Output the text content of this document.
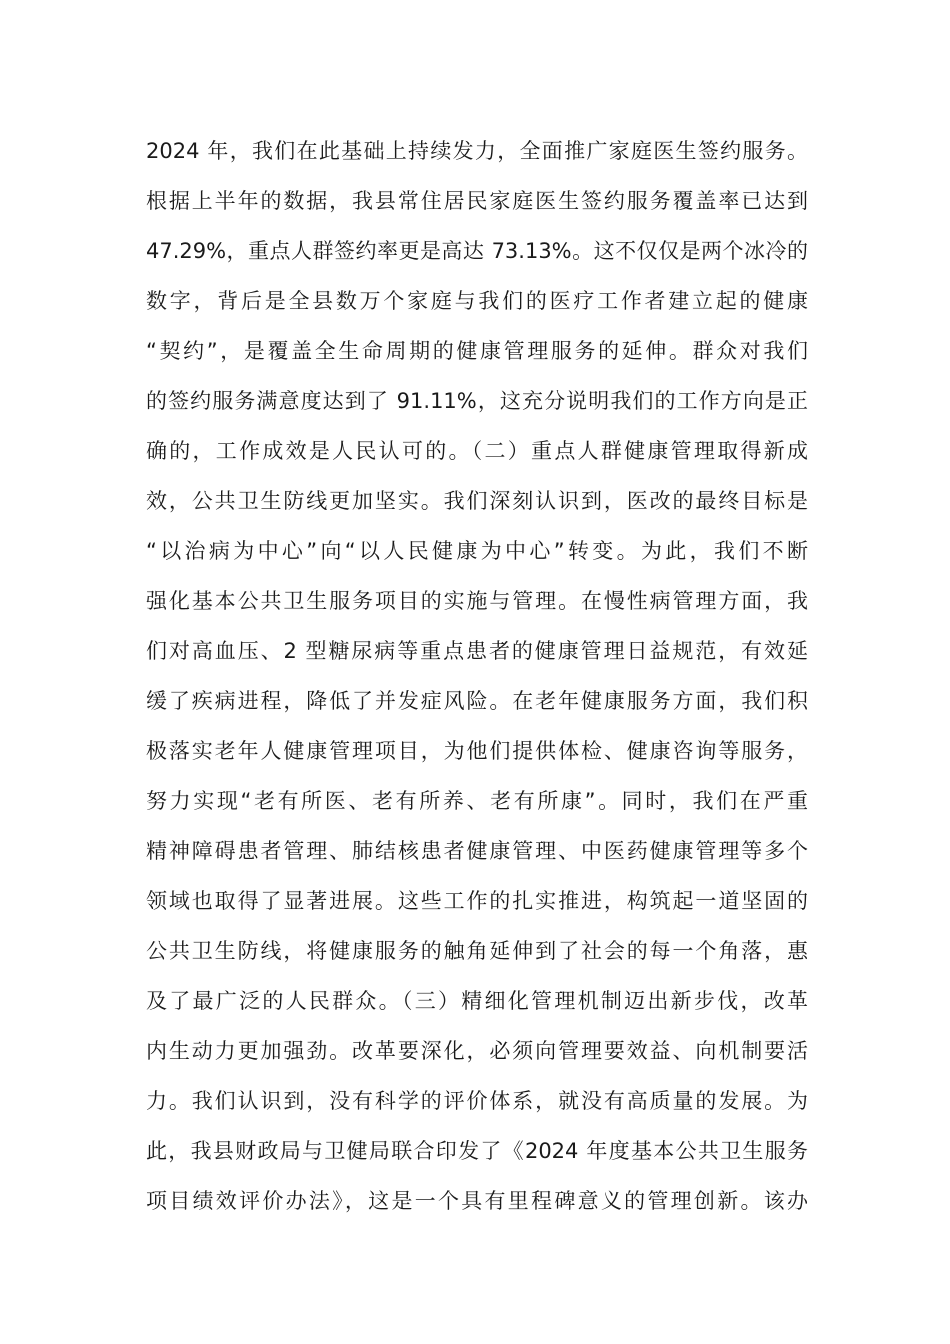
2024 年，我们在此基础上持续发力，全面推广家庭医生签约服务。
根据上半年的数据，我县常住居民家庭医生签约服务覆盖率已达到
47.29%，重点人群签约率更是高达 73.13%。这不仅仅是两个冰冷的
数字，背后是全县数万个家庭与我们的医疗工作者建立起的健康
“契约”，是覆盖全生命周期的健康管理服务的延伸。群众对我们
的签约服务满意度达到了 91.11%，这充分说明我们的工作方向是正
确的，工作成效是人民认可的。（二）重点人群健康管理取得新成
效，公共卫生防线更加坚实。我们深刻认识到，医改的最终目标是
“以治病为中心”向“以人民健康为中心”转变。为此，我们不断
强化基本公共卫生服务项目的实施与管理。在慢性病管理方面，我
们对高血压、2 型糖尿病等重点患者的健康管理日益规范，有效延
缓了疾病进程，降低了并发症风险。在老年健康服务方面，我们积
极落实老年人健康管理项目，为他们提供体检、健康咨询等服务，
努力实现“老有所医、老有所养、老有所康”。同时，我们在严重
精神障碍患者管理、肺结核患者健康管理、中医药健康管理等多个
领域也取得了显著进展。这些工作的扎实推进，构筑起一道坚固的
公共卫生防线，将健康服务的触角延伸到了社会的每一个角落，惠
及了最广泛的人民群众。（三）精细化管理机制迈出新步伐，改革
内生动力更加强劲。改革要深化，必须向管理要效益、向机制要活
力。我们认识到，没有科学的评价体系，就没有高质量的发展。为
此，我县财政局与卫健局联合印发了《2024 年度基本公共卫生服务
项目绩效评价办法》，这是一个具有里程碑意义的管理创新。该办
